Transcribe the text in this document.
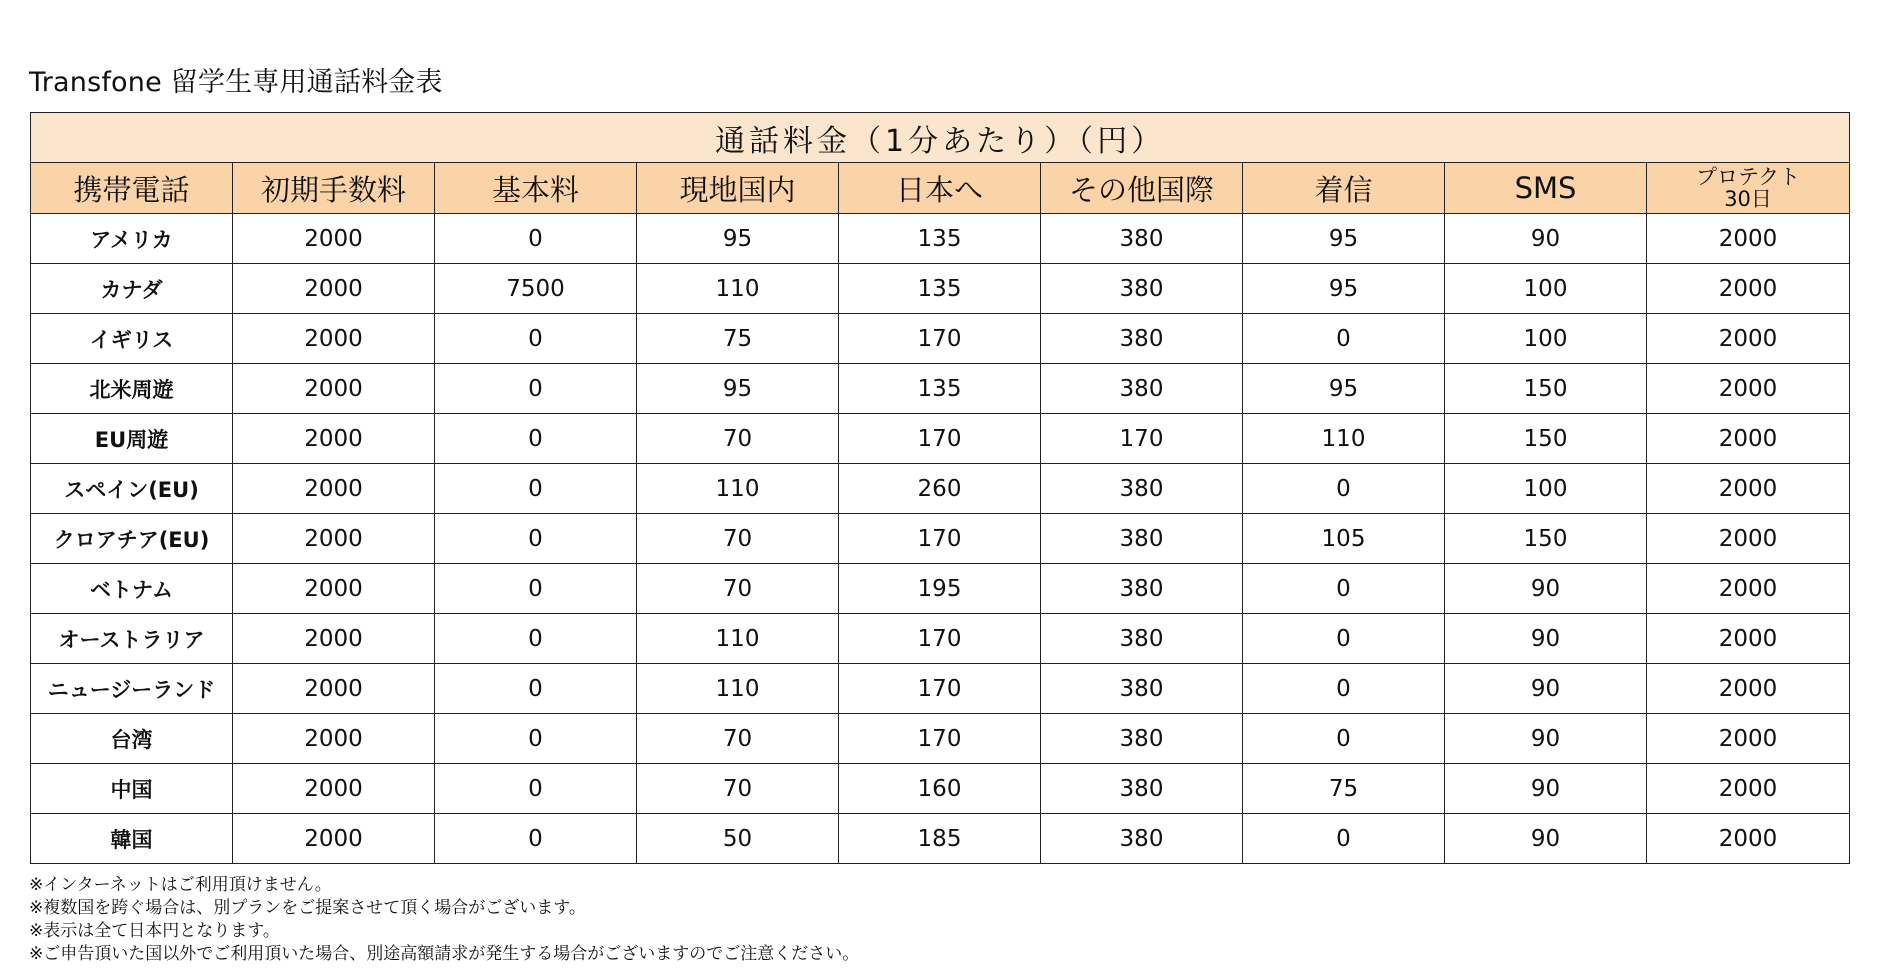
Transfone 留学生専用通話料金表
通話料金（1分あたり）（円）								
携帯電話	初期手数料	基本料	現地国内	日本へ	その他国際	着信	SMS	プロテクト
30日

アメリカ	2000	0	95	135	380	95	90	2000
カナダ	2000	7500	110	135	380	95	100	2000
イギリス	2000	0	75	170	380	0	100	2000
北米周遊	2000	0	95	135	380	95	150	2000
EU周遊	2000	0	70	170	170	110	150	2000
スペイン(EU)	2000	0	110	260	380	0	100	2000
クロアチア(EU)	2000	0	70	170	380	105	150	2000
ベトナム	2000	0	70	195	380	0	90	2000
オーストラリア	2000	0	110	170	380	0	90	2000
ニュージーランド	2000	0	110	170	380	0	90	2000
台湾	2000	0	70	170	380	0	90	2000
中国	2000	0	70	160	380	75	90	2000
韓国	2000	0	50	185	380	0	90	2000
※インターネットはご利用頂けません。
※複数国を跨ぐ場合は、別プランをご提案させて頂く場合がございます。
※表示は全て日本円となります。
※ご申告頂いた国以外でご利用頂いた場合、別途高額請求が発生する場合がございますのでご注意ください。
